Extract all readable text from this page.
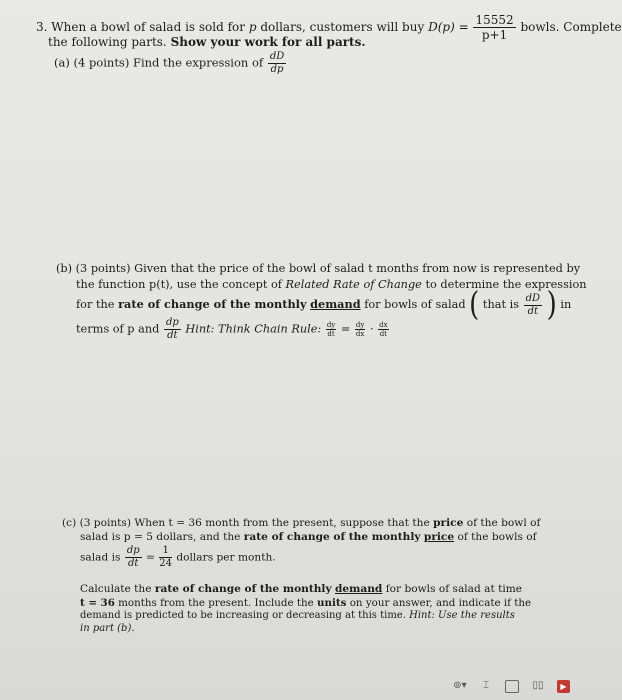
3. When a bowl of salad is sold for p dollars, customers will buy $D(p) = \frac{15552}{p+1}$ bowls. Complete
the following parts. Show your work for all parts.
(a) (4 points) Find the expression of $\frac{dD}{dp}$
(b) (3 points) Given that the price of the bowl of salad t months from now is represented by
the function p(t), use the concept of Related Rate of Change to determine the expression
for the rate of change of the monthly demand for bowls of salad ( that is $\frac{dD}{dt}$ ) in
terms of p and $\frac{dp}{dt}$ Hint: Think Chain Rule: $\frac{dy}{dt} = \frac{dy}{dx} \cdot \frac{dx}{dt}$
(c) (3 points) When t = 36 month from the present, suppose that the price of the bowl of
salad is p = 5 dollars, and the rate of change of the monthly price of the bowls of
salad is $\frac{dp}{dt} = \frac{1}{24}$ dollars per month.
Calculate the rate of change of the monthly demand for bowls of salad at time
t = 36 months from the present. Include the units on your answer, and indicate if the
demand is predicted to be increasing or decreasing at this time. Hint: Use the results
in part (b).
⊚▾	⌶	▯▯	▶
